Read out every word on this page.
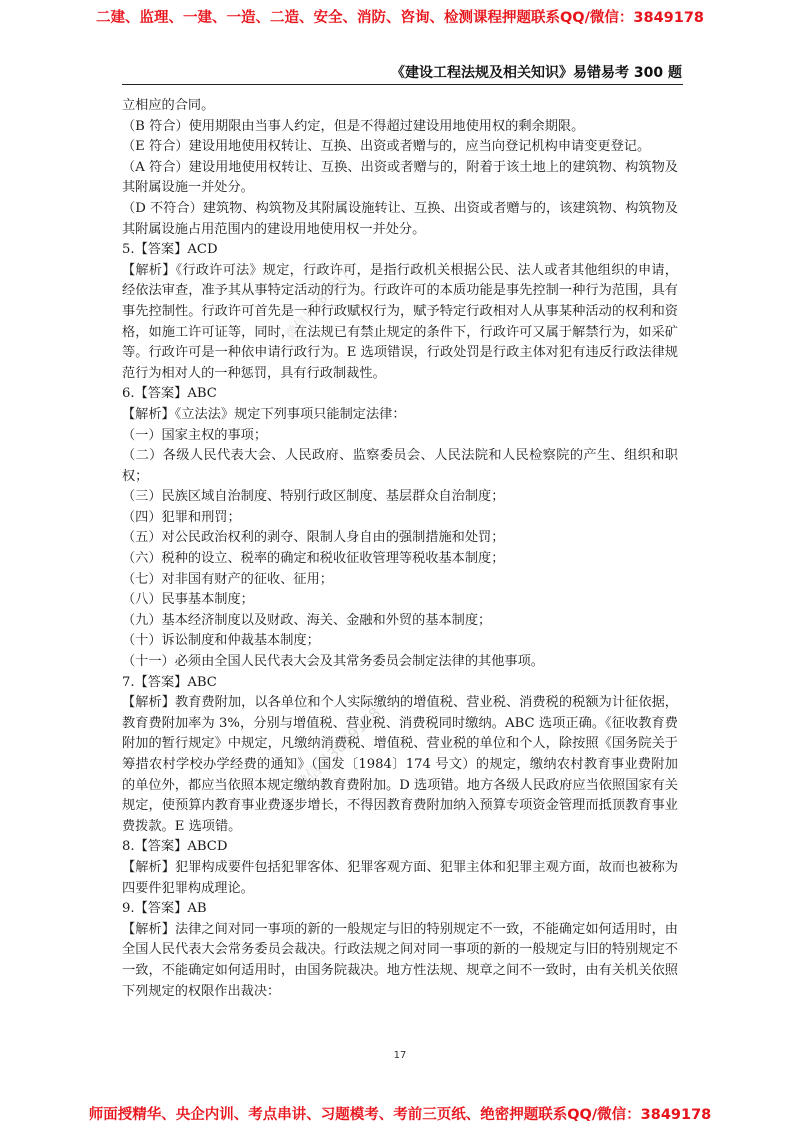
二建、监理、一建、一造、二造、安全、消防、咨询、检测课程押题联系QQ/微信：3849178
《建设工程法规及相关知识》易错易考 300 题

立相应的合同。

（B 符合）使用期限由当事人约定，但是不得超过建设用地使用权的剩余期限。

（E 符合）建设用地使用权转让、互换、出资或者赠与的，应当向登记机构申请变更登记。

（A 符合）建设用地使用权转让、互换、出资或者赠与的，附着于该土地上的建筑物、构筑物及其附属设施一并处分。

（D 不符合）建筑物、构筑物及其附属设施转让、互换、出资或者赠与的，该建筑物、构筑物及其附属设施占用范围内的建设用地使用权一并处分。

5.【答案】ACD

【解析】《行政许可法》规定，行政许可，是指行政机关根据公民、法人或者其他组织的申请，经依法审查，准予其从事特定活动的行为。行政许可的本质功能是事先控制一种行为范围，具有事先控制性。行政许可首先是一种行政赋权行为，赋予特定行政相对人从事某种活动的权利和资格，如施工许可证等，同时，在法规已有禁止规定的条件下，行政许可又属于解禁行为，如采矿等。行政许可是一种依申请行政行为。E 选项错误，行政处罚是行政主体对犯有违反行政法律规范行为相对人的一种惩罚，具有行政制裁性。

6.【答案】ABC

【解析】《立法法》规定下列事项只能制定法律：

（一）国家主权的事项；

（二）各级人民代表大会、人民政府、监察委员会、人民法院和人民检察院的产生、组织和职权；

（三）民族区域自治制度、特别行政区制度、基层群众自治制度；

（四）犯罪和刑罚；

（五）对公民政治权利的剥夺、限制人身自由的强制措施和处罚；

（六）税种的设立、税率的确定和税收征收管理等税收基本制度；

（七）对非国有财产的征收、征用；

（八）民事基本制度；

（九）基本经济制度以及财政、海关、金融和外贸的基本制度；

（十）诉讼制度和仲裁基本制度；

（十一）必须由全国人民代表大会及其常务委员会制定法律的其他事项。

7.【答案】ABC

【解析】教育费附加，以各单位和个人实际缴纳的增值税、营业税、消费税的税额为计征依据，教育费附加率为 3%，分别与增值税、营业税、消费税同时缴纳。ABC 选项正确。《征收教育费附加的暂行规定》中规定，凡缴纳消费税、增值税、营业税的单位和个人，除按照《国务院关于筹措农村学校办学经费的通知》（国发〔1984〕174 号文）的规定，缴纳农村教育事业费附加的单位外，都应当依照本规定缴纳教育费附加。D 选项错。地方各级人民政府应当依照国家有关规定，使预算内教育事业费逐步增长，不得因教育费附加纳入预算专项资金管理而抵顶教育事业费拨款。E 选项错。

8.【答案】ABCD

【解析】犯罪构成要件包括犯罪客体、犯罪客观方面、犯罪主体和犯罪主观方面，故而也被称为四要件犯罪构成理论。

9.【答案】AB

【解析】法律之间对同一事项的新的一般规定与旧的特别规定不一致，不能确定如何适用时，由全国人民代表大会常务委员会裁决。行政法规之间对同一事项的新的一般规定与旧的特别规定不一致，不能确定如何适用时，由国务院裁决。地方性法规、规章之间不一致时，由有关机关依照下列规定的权限作出裁决：

微信号3849178
微信号3849178
17
师面授精华、央企内训、考点串讲、习题模考、考前三页纸、绝密押题联系QQ/微信：3849178
